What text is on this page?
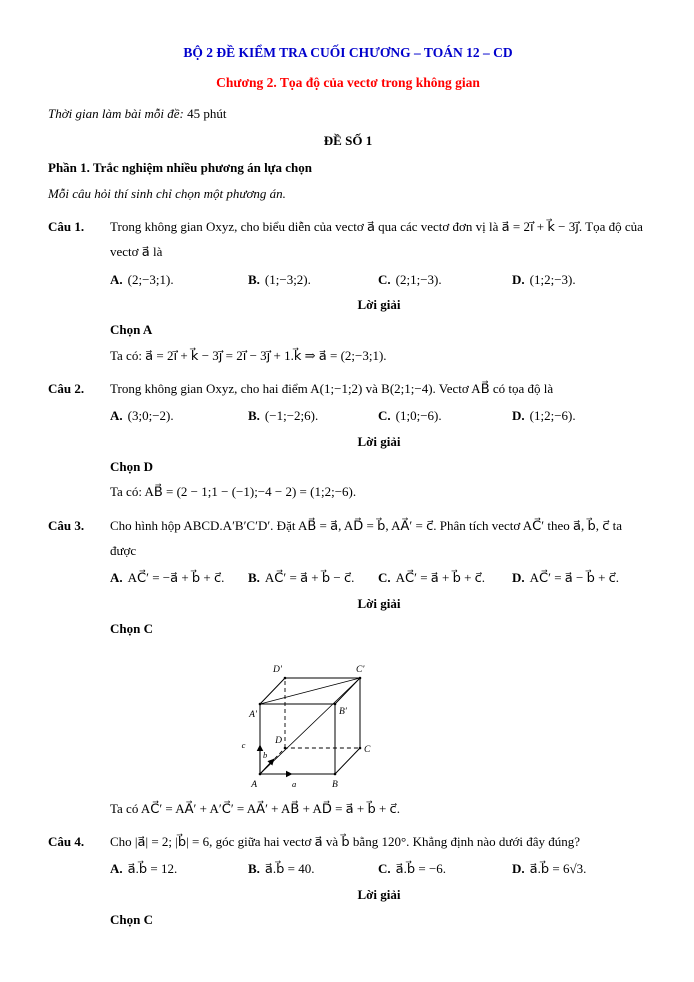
BỘ 2 ĐỀ KIỂM TRA CUỐI CHƯƠNG – TOÁN 12 – CD
Chương 2. Tọa độ của vectơ trong không gian
Thời gian làm bài mỗi đề: 45 phút
ĐỀ SỐ 1
Phần 1. Trắc nghiệm nhiều phương án lựa chọn
Mỗi câu hỏi thí sinh chỉ chọn một phương án.
Câu 1.	Trong không gian Oxyz, cho biểu diễn của vectơ a⃗ qua các vectơ đơn vị là a⃗ = 2i⃗ + k⃗ − 3j⃗. Tọa độ của vectơ a⃗ là
A. (2;−3;1).	B. (1;−3;2).	C. (2;1;−3).	D. (1;2;−3).
Lời giải
Chọn A
Ta có: a⃗ = 2i⃗ + k⃗ − 3j⃗ = 2i⃗ − 3j⃗ + 1.k⃗ ⇒ a⃗ = (2;−3;1).
Câu 2.	Trong không gian Oxyz, cho hai điểm A(1;−1;2) và B(2;1;−4). Vectơ AB⃗ có tọa độ là
A. (3;0;−2).	B. (−1;−2;6).	C. (1;0;−6).	D. (1;2;−6).
Lời giải
Chọn D
Ta có: AB⃗ = (2 − 1;1 − (−1);−4 − 2) = (1;2;−6).
Câu 3.	Cho hình hộp ABCD.A′B′C′D′. Đặt AB⃗ = a⃗, AD⃗ = b⃗, AA⃗′ = c⃗. Phân tích vectơ AC⃗′ theo a⃗, b⃗, c⃗ ta được
A. AC⃗′ = −a⃗ + b⃗ + c⃗. B. AC⃗′ = a⃗ + b⃗ − c⃗. C. AC⃗′ = a⃗ + b⃗ + c⃗. D. AC⃗′ = a⃗ − b⃗ + c⃗.
Lời giải
Chọn C
D′	C′
A′	B′
D
C
A	B
c⃗
b⃗
a⃗
Ta có AC⃗′ = AA⃗′ + A′C⃗′ = AA⃗′ + AB⃗ + AD⃗ = a⃗ + b⃗ + c⃗.
Câu 4.	Cho |a⃗| = 2; |b⃗| = 6, góc giữa hai vectơ a⃗ và b⃗ bằng 120°. Khẳng định nào dưới đây đúng?
A. a⃗.b⃗ = 12.	B. a⃗.b⃗ = 40.	C. a⃗.b⃗ = −6.	D. a⃗.b⃗ = 6√3.
Lời giải
Chọn C
